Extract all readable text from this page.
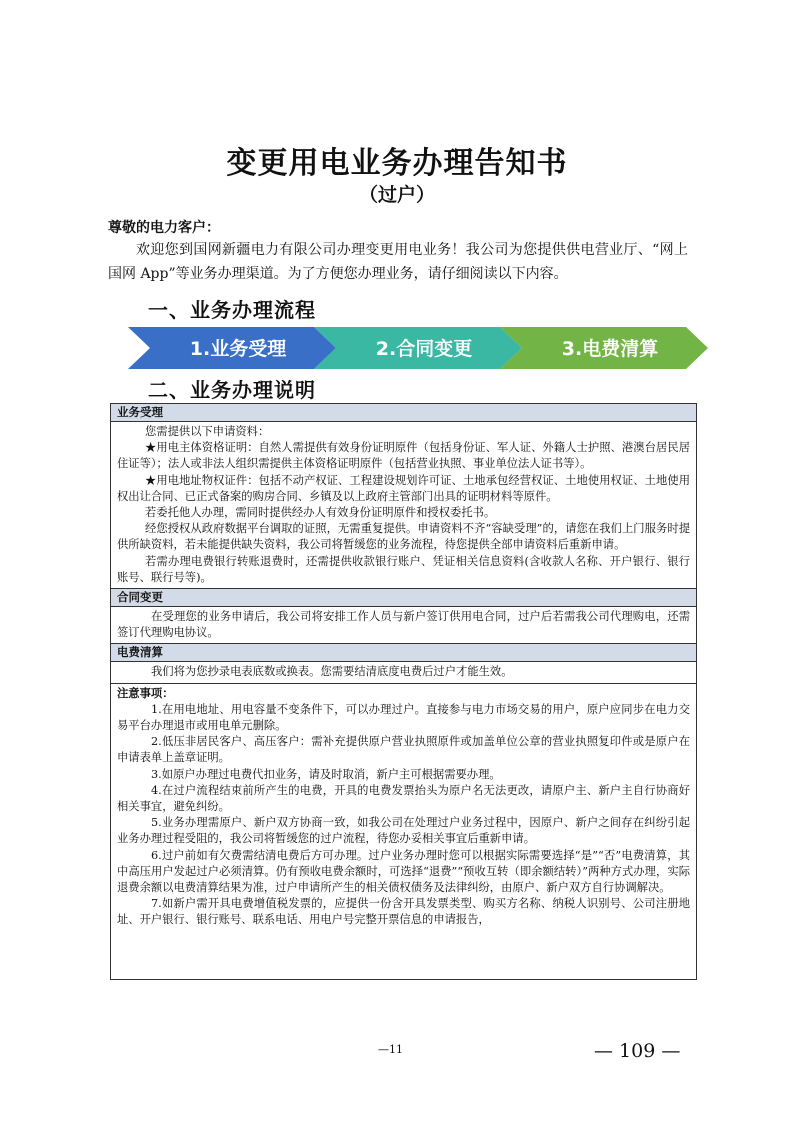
变更用电业务办理告知书
（过户）
尊敬的电力客户：

欢迎您到国网新疆电力有限公司办理变更用电业务！我公司为您提供供电营业厅、“网上国网 App”等业务办理渠道。为了方便您办理业务，请仔细阅读以下内容。

一、业务办理流程
1.业务受理	2.合同变更	3.电费清算
二、业务办理说明
业务受理

您需提供以下申请资料：

★用电主体资格证明：自然人需提供有效身份证明原件（包括身份证、军人证、外籍人士护照、港澳台居民居住证等）；法人或非法人组织需提供主体资格证明原件（包括营业执照、事业单位法人证书等）。

★用电地址物权证件：包括不动产权证、工程建设规划许可证、土地承包经营权证、土地使用权证、土地使用权出让合同、已正式备案的购房合同、乡镇及以上政府主管部门出具的证明材料等原件。

若委托他人办理，需同时提供经办人有效身份证明原件和授权委托书。

经您授权从政府数据平台调取的证照，无需重复提供。申请资料不齐“容缺受理”的，请您在我们上门服务时提供所缺资料，若未能提供缺失资料，我公司将暂缓您的业务流程，待您提供全部申请资料后重新申请。

若需办理电费银行转账退费时，还需提供收款银行账户、凭证相关信息资料(含收款人名称、开户银行、银行账号、联行号等)。

合同变更

在受理您的业务申请后，我公司将安排工作人员与新户签订供用电合同，过户后若需我公司代理购电，还需签订代理购电协议。

电费清算

我们将为您抄录电表底数或换表。您需要结清底度电费后过户才能生效。

注意事项：

1.在用电地址、用电容量不变条件下，可以办理过户。直接参与电力市场交易的用户，原户应同步在电力交易平台办理退市或用电单元删除。

2.低压非居民客户、高压客户：需补充提供原户营业执照原件或加盖单位公章的营业执照复印件或是原户在申请表单上盖章证明。

3.如原户办理过电费代扣业务，请及时取消，新户主可根据需要办理。

4.在过户流程结束前所产生的电费，开具的电费发票抬头为原户名无法更改，请原户主、新户主自行协商好相关事宜，避免纠纷。

5.业务办理需原户、新户双方协商一致，如我公司在处理过户业务过程中，因原户、新户之间存在纠纷引起业务办理过程受阻的，我公司将暂缓您的过户流程，待您办妥相关事宜后重新申请。

6.过户前如有欠费需结清电费后方可办理。过户业务办理时您可以根据实际需要选择“是”“否”电费清算，其中高压用户发起过户必须清算。仍有预收电费余额时，可选择“退费”“预收互转（即余额结转）”两种方式办理，实际退费余额以电费清算结果为准，过户申请所产生的相关债权债务及法律纠纷，由原户、新户双方自行协调解决。

7.如新户需开具电费增值税发票的，应提供一份含开具发票类型、购买方名称、纳税人识别号、公司注册地址、开户银行、银行账号、联系电话、用电户号完整开票信息的申请报告，

—11	— 109 —
